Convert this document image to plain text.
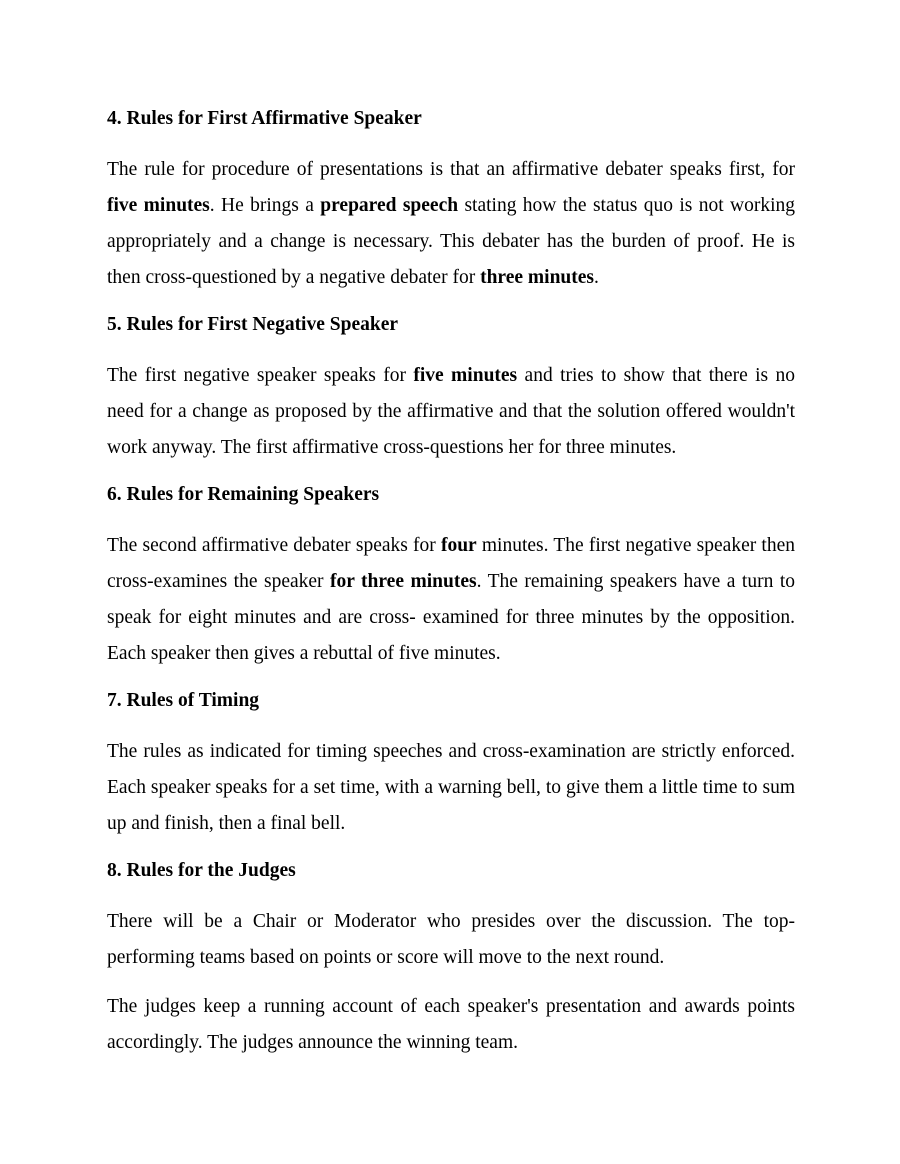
4. Rules for First Affirmative Speaker

The rule for procedure of presentations is that an affirmative debater speaks first, for five minutes. He brings a prepared speech stating how the status quo is not working appropriately and a change is necessary. This debater has the burden of proof. He is then cross-questioned by a negative debater for three minutes.

5. Rules for First Negative Speaker

The first negative speaker speaks for five minutes and tries to show that there is no need for a change as proposed by the affirmative and that the solution offered wouldn't work anyway. The first affirmative cross-questions her for three minutes.

6. Rules for Remaining Speakers

The second affirmative debater speaks for four minutes. The first negative speaker then cross-examines the speaker for three minutes. The remaining speakers have a turn to speak for eight minutes and are cross- examined for three minutes by the opposition. Each speaker then gives a rebuttal of five minutes.

7. Rules of Timing

The rules as indicated for timing speeches and cross-examination are strictly enforced. Each speaker speaks for a set time, with a warning bell, to give them a little time to sum up and finish, then a final bell.

8. Rules for the Judges

There will be a Chair or Moderator who presides over the discussion. The top-performing teams based on points or score will move to the next round.

The judges keep a running account of each speaker's presentation and awards points accordingly. The judges announce the winning team.
